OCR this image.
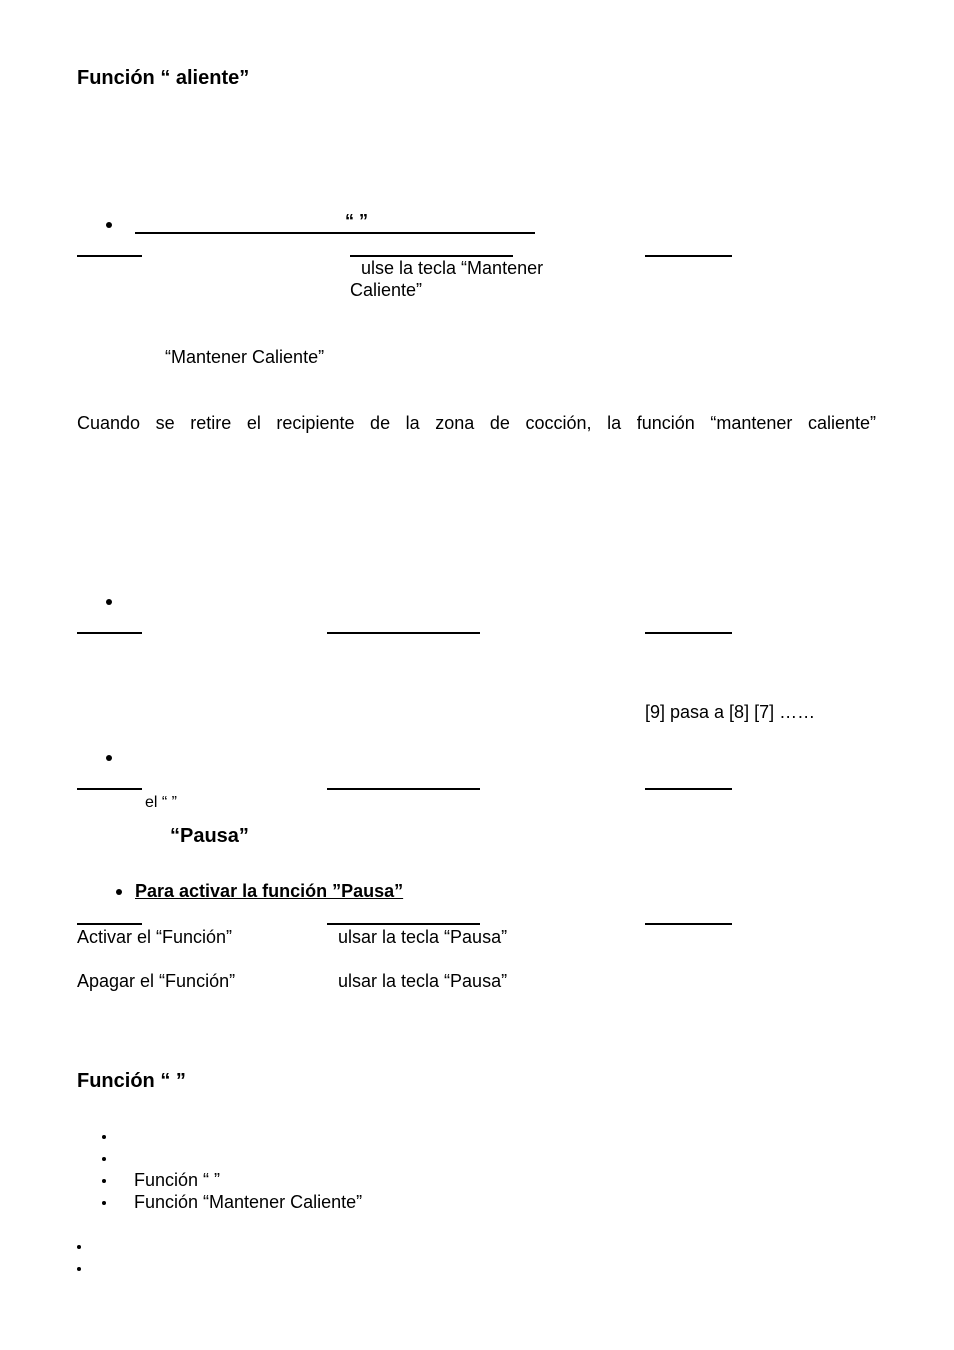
Función “ aliente”
“ ”
ulse la tecla “Mantener
Caliente”
“Mantener Caliente”
Cuando se retire el recipiente de la zona de cocción, la función “mantener caliente”
[9] pasa a [8] [7] ……
el “ ”
“Pausa”
Para activar la función ”Pausa”
Activar el “Función”	ulsar la tecla “Pausa”
Apagar el “Función”	ulsar la tecla “Pausa”
Función “ ”
Función “ ”
Función “Mantener Caliente”
